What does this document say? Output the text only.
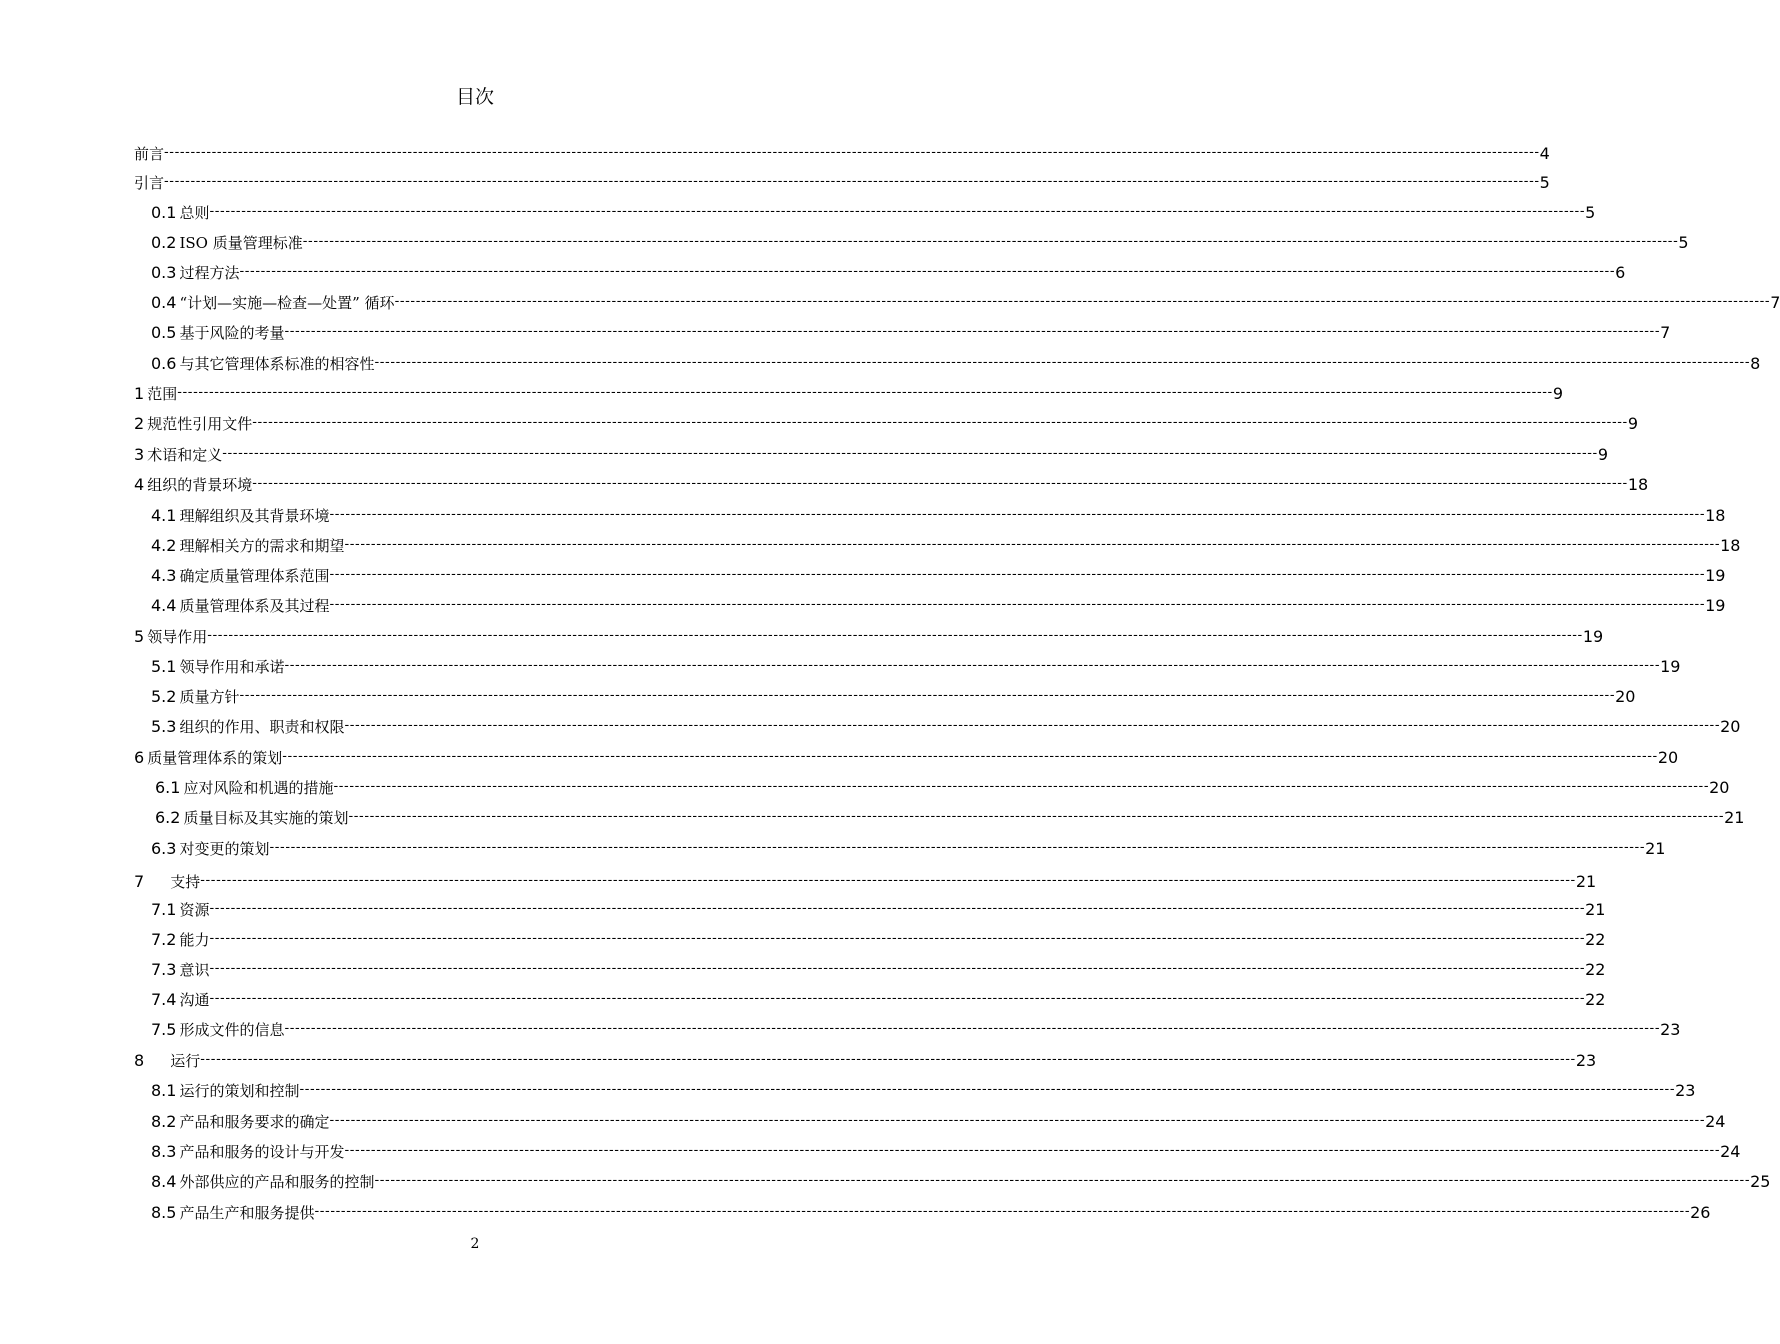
目次
前言 -------------------------------------------------------------------------------------------------------------------------------------------------------------------------------------------------------------------------------------------------------------------- 4
引言 -------------------------------------------------------------------------------------------------------------------------------------------------------------------------------------------------------------------------------------------------------------------- 5
0.1 总则 -------------------------------------------------------------------------------------------------------------------------------------------------------------------------------------------------------------------------------------------------------------------- 5
0.2 ISO 质量管理标准 -------------------------------------------------------------------------------------------------------------------------------------------------------------------------------------------------------------------------------------------------------------------- 5
0.3 过程方法 -------------------------------------------------------------------------------------------------------------------------------------------------------------------------------------------------------------------------------------------------------------------- 6
0.4 “计划—实施—检查—处置” 循环 -------------------------------------------------------------------------------------------------------------------------------------------------------------------------------------------------------------------------------------------------------------------- 7
0.5 基于风险的考量 -------------------------------------------------------------------------------------------------------------------------------------------------------------------------------------------------------------------------------------------------------------------- 7
0.6 与其它管理体系标准的相容性 -------------------------------------------------------------------------------------------------------------------------------------------------------------------------------------------------------------------------------------------------------------------- 8
1 范围 -------------------------------------------------------------------------------------------------------------------------------------------------------------------------------------------------------------------------------------------------------------------- 9
2 规范性引用文件 -------------------------------------------------------------------------------------------------------------------------------------------------------------------------------------------------------------------------------------------------------------------- 9
3 术语和定义 -------------------------------------------------------------------------------------------------------------------------------------------------------------------------------------------------------------------------------------------------------------------- 9
4 组织的背景环境 -------------------------------------------------------------------------------------------------------------------------------------------------------------------------------------------------------------------------------------------------------------------- 18
4.1 理解组织及其背景环境 -------------------------------------------------------------------------------------------------------------------------------------------------------------------------------------------------------------------------------------------------------------------- 18
4.2 理解相关方的需求和期望 -------------------------------------------------------------------------------------------------------------------------------------------------------------------------------------------------------------------------------------------------------------------- 18
4.3 确定质量管理体系范围 -------------------------------------------------------------------------------------------------------------------------------------------------------------------------------------------------------------------------------------------------------------------- 19
4.4 质量管理体系及其过程 -------------------------------------------------------------------------------------------------------------------------------------------------------------------------------------------------------------------------------------------------------------------- 19
5 领导作用 -------------------------------------------------------------------------------------------------------------------------------------------------------------------------------------------------------------------------------------------------------------------- 19
5.1 领导作用和承诺 -------------------------------------------------------------------------------------------------------------------------------------------------------------------------------------------------------------------------------------------------------------------- 19
5.2 质量方针 -------------------------------------------------------------------------------------------------------------------------------------------------------------------------------------------------------------------------------------------------------------------- 20
5.3 组织的作用、职责和权限 -------------------------------------------------------------------------------------------------------------------------------------------------------------------------------------------------------------------------------------------------------------------- 20
6 质量管理体系的策划 -------------------------------------------------------------------------------------------------------------------------------------------------------------------------------------------------------------------------------------------------------------------- 20
6.1 应对风险和机遇的措施 -------------------------------------------------------------------------------------------------------------------------------------------------------------------------------------------------------------------------------------------------------------------- 20
6.2 质量目标及其实施的策划 -------------------------------------------------------------------------------------------------------------------------------------------------------------------------------------------------------------------------------------------------------------------- 21
6.3 对变更的策划 -------------------------------------------------------------------------------------------------------------------------------------------------------------------------------------------------------------------------------------------------------------------- 21
7 支持 -------------------------------------------------------------------------------------------------------------------------------------------------------------------------------------------------------------------------------------------------------------------- 21
7.1 资源 -------------------------------------------------------------------------------------------------------------------------------------------------------------------------------------------------------------------------------------------------------------------- 21
7.2 能力 -------------------------------------------------------------------------------------------------------------------------------------------------------------------------------------------------------------------------------------------------------------------- 22
7.3 意识 -------------------------------------------------------------------------------------------------------------------------------------------------------------------------------------------------------------------------------------------------------------------- 22
7.4 沟通 -------------------------------------------------------------------------------------------------------------------------------------------------------------------------------------------------------------------------------------------------------------------- 22
7.5 形成文件的信息 -------------------------------------------------------------------------------------------------------------------------------------------------------------------------------------------------------------------------------------------------------------------- 23
8 运行 -------------------------------------------------------------------------------------------------------------------------------------------------------------------------------------------------------------------------------------------------------------------- 23
8.1 运行的策划和控制 -------------------------------------------------------------------------------------------------------------------------------------------------------------------------------------------------------------------------------------------------------------------- 23
8.2 产品和服务要求的确定 -------------------------------------------------------------------------------------------------------------------------------------------------------------------------------------------------------------------------------------------------------------------- 24
8.3 产品和服务的设计与开发 -------------------------------------------------------------------------------------------------------------------------------------------------------------------------------------------------------------------------------------------------------------------- 24
8.4 外部供应的产品和服务的控制 -------------------------------------------------------------------------------------------------------------------------------------------------------------------------------------------------------------------------------------------------------------------- 25
8.5 产品生产和服务提供 -------------------------------------------------------------------------------------------------------------------------------------------------------------------------------------------------------------------------------------------------------------------- 26
2
